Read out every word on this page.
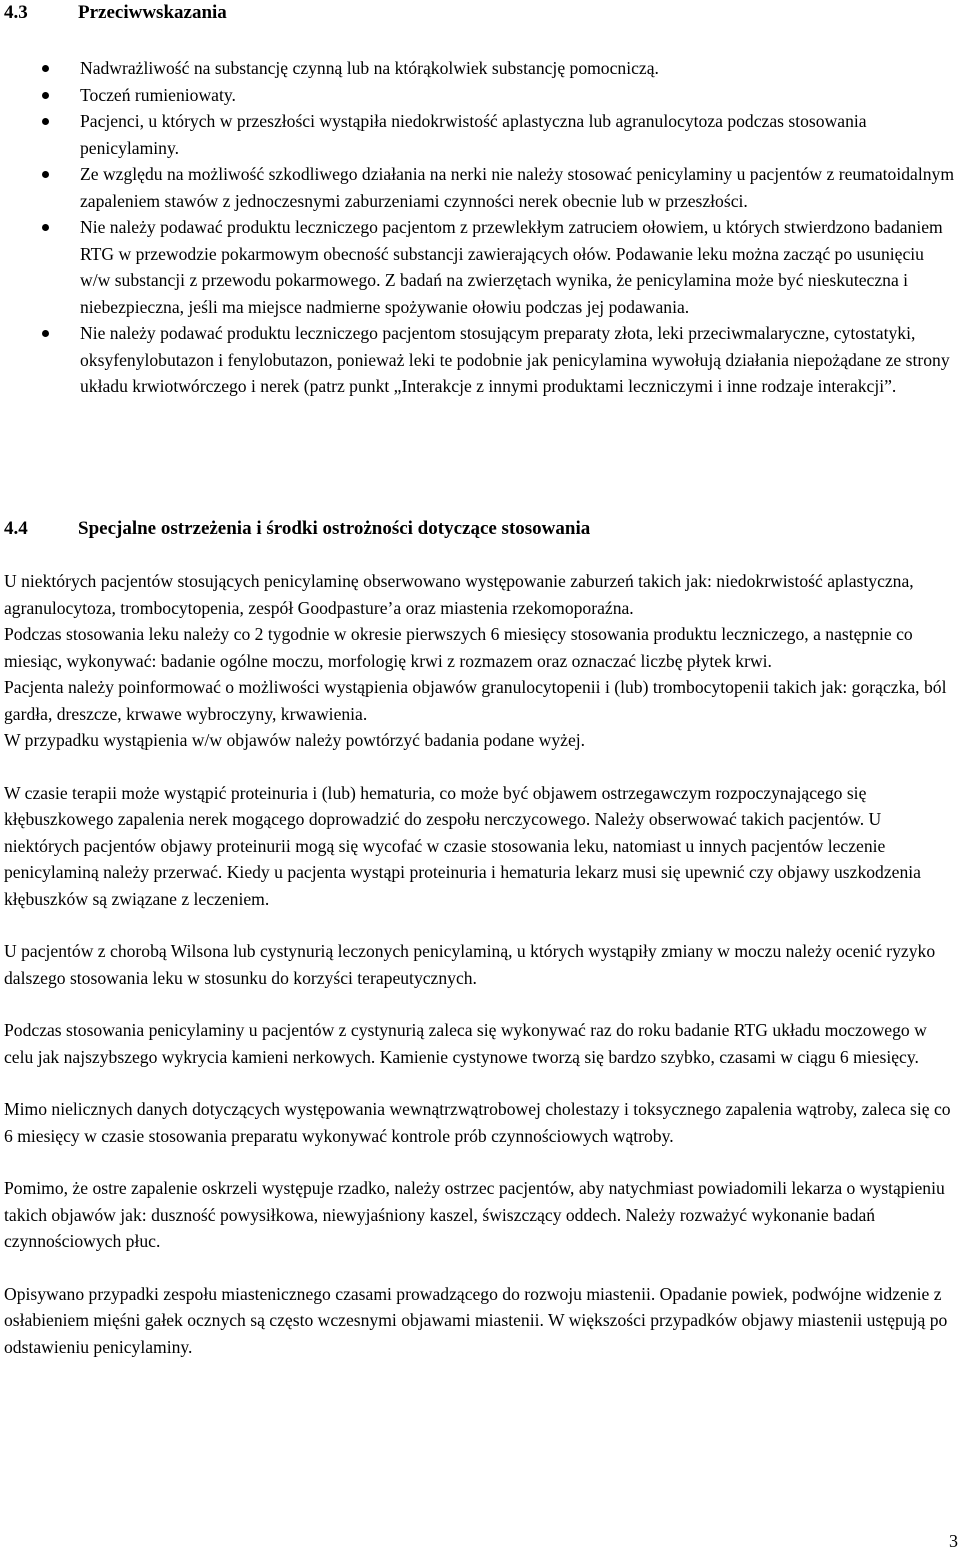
4.3	Przeciwwskazania
Nadwrażliwość na substancję czynną lub na którąkolwiek substancję pomocniczą.
Toczeń rumieniowaty.
Pacjenci, u których w przeszłości wystąpiła niedokrwistość aplastyczna lub agranulocytoza podczas stosowania penicylaminy.
Ze względu na możliwość szkodliwego działania na nerki nie należy stosować penicylaminy u pacjentów z reumatoidalnym zapaleniem stawów z jednoczesnymi zaburzeniami czynności nerek obecnie lub w przeszłości.
Nie należy podawać produktu leczniczego pacjentom z przewlekłym zatruciem ołowiem, u których stwierdzono badaniem RTG w przewodzie pokarmowym obecność substancji zawierających ołów. Podawanie leku można zacząć po usunięciu w/w substancji z przewodu pokarmowego. Z badań na zwierzętach wynika, że penicylamina może być nieskuteczna i niebezpieczna, jeśli ma miejsce nadmierne spożywanie ołowiu podczas jej podawania.
Nie należy podawać produktu leczniczego pacjentom stosującym preparaty złota, leki przeciwmalaryczne, cytostatyki, oksyfenylobutazon i fenylobutazon, ponieważ leki te podobnie jak penicylamina wywołują działania niepożądane ze strony układu krwiotwórczego i nerek (patrz punkt „Interakcje z innymi produktami leczniczymi i inne rodzaje interakcji”.
4.4	Specjalne ostrzeżenia i środki ostrożności dotyczące stosowania

U niektórych pacjentów stosujących penicylaminę obserwowano występowanie zaburzeń takich jak: niedokrwistość aplastyczna, agranulocytoza, trombocytopenia, zespół Goodpasture’a oraz miastenia rzekomoporaźna.

Podczas stosowania leku należy co 2 tygodnie w okresie pierwszych 6 miesięcy stosowania produktu leczniczego, a następnie co miesiąc, wykonywać: badanie ogólne moczu, morfologię krwi z rozmazem oraz oznaczać liczbę płytek krwi.

Pacjenta należy poinformować o możliwości wystąpienia objawów granulocytopenii i (lub) trombocytopenii takich jak: gorączka, ból gardła, dreszcze, krwawe wybroczyny, krwawienia.

W przypadku wystąpienia w/w objawów należy powtórzyć badania podane wyżej.

W czasie terapii może wystąpić proteinuria i (lub) hematuria, co może być objawem ostrzegawczym rozpoczynającego się kłębuszkowego zapalenia nerek mogącego doprowadzić do zespołu nerczycowego. Należy obserwować takich pacjentów. U niektórych pacjentów objawy proteinurii mogą się wycofać w czasie stosowania leku, natomiast u innych pacjentów leczenie penicylaminą należy przerwać. Kiedy u pacjenta wystąpi proteinuria i hematuria lekarz musi się upewnić czy objawy uszkodzenia kłębuszków są związane z leczeniem.

U pacjentów z chorobą Wilsona lub cystynurią leczonych penicylaminą, u których wystąpiły zmiany w moczu należy ocenić ryzyko dalszego stosowania leku w stosunku do korzyści terapeutycznych.

Podczas stosowania penicylaminy u pacjentów z cystynurią zaleca się wykonywać raz do roku badanie RTG układu moczowego w celu jak najszybszego wykrycia kamieni nerkowych. Kamienie cystynowe tworzą się bardzo szybko, czasami w ciągu 6 miesięcy.

Mimo nielicznych danych dotyczących występowania wewnątrzwątrobowej cholestazy i toksycznego zapalenia wątroby, zaleca się co 6 miesięcy w czasie stosowania preparatu wykonywać kontrole prób czynnościowych wątroby.

Pomimo, że ostre zapalenie oskrzeli występuje rzadko, należy ostrzec pacjentów, aby natychmiast powiadomili lekarza o wystąpieniu takich objawów jak: duszność powysiłkowa, niewyjaśniony kaszel, świszczący oddech. Należy rozważyć wykonanie badań czynnościowych płuc.

Opisywano przypadki zespołu miastenicznego czasami prowadzącego do rozwoju miastenii. Opadanie powiek, podwójne widzenie z osłabieniem mięśni gałek ocznych są często wczesnymi objawami miastenii. W większości przypadków objawy miastenii ustępują po odstawieniu penicylaminy.

3
